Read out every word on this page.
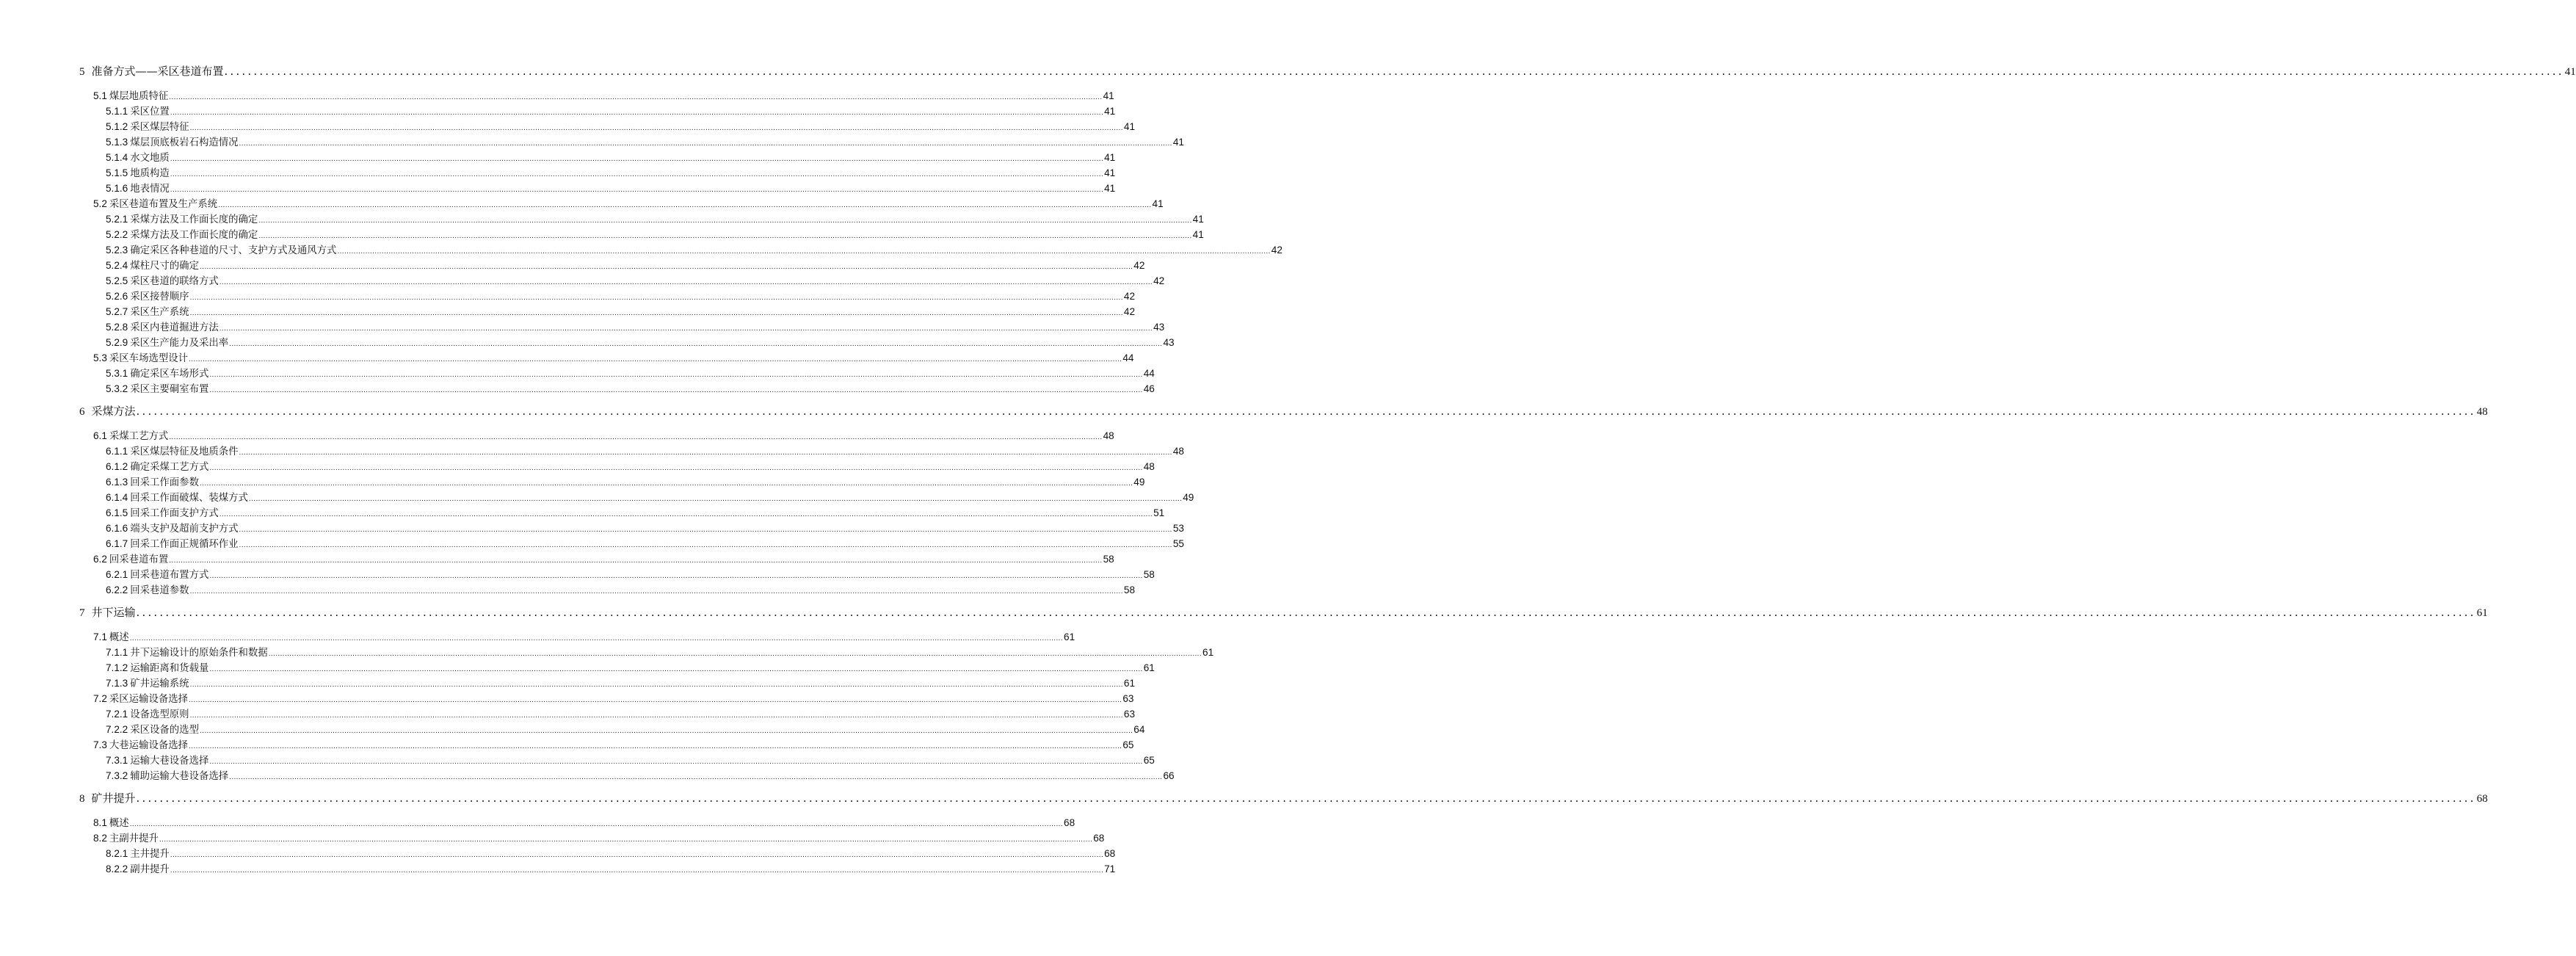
5 准备方式——采区巷道布置 ................................................................................................................................................................................................................................................................................................................................................................................................................ 41
5.1 煤层地质特征 ................................................................................................................................................................................................................................................................................................................................................................................................................ 41
5.1.1 采区位置 ................................................................................................................................................................................................................................................................................................................................................................................................................ 41
5.1.2 采区煤层特征 ................................................................................................................................................................................................................................................................................................................................................................................................................ 41
5.1.3 煤层顶底板岩石构造情况 ................................................................................................................................................................................................................................................................................................................................................................................................................ 41
5.1.4 水文地质 ................................................................................................................................................................................................................................................................................................................................................................................................................ 41
5.1.5 地质构造 ................................................................................................................................................................................................................................................................................................................................................................................................................ 41
5.1.6 地表情况 ................................................................................................................................................................................................................................................................................................................................................................................................................ 41
5.2 采区巷道布置及生产系统 ................................................................................................................................................................................................................................................................................................................................................................................................................ 41
5.2.1 采煤方法及工作面长度的确定 ................................................................................................................................................................................................................................................................................................................................................................................................................ 41
5.2.2 采煤方法及工作面长度的确定 ................................................................................................................................................................................................................................................................................................................................................................................................................ 41
5.2.3 确定采区各种巷道的尺寸、支护方式及通风方式 ................................................................................................................................................................................................................................................................................................................................................................................................................ 42
5.2.4 煤柱尺寸的确定 ................................................................................................................................................................................................................................................................................................................................................................................................................ 42
5.2.5 采区巷道的联络方式 ................................................................................................................................................................................................................................................................................................................................................................................................................ 42
5.2.6 采区接替顺序 ................................................................................................................................................................................................................................................................................................................................................................................................................ 42
5.2.7 采区生产系统 ................................................................................................................................................................................................................................................................................................................................................................................................................ 42
5.2.8 采区内巷道掘进方法 ................................................................................................................................................................................................................................................................................................................................................................................................................ 43
5.2.9 采区生产能力及采出率 ................................................................................................................................................................................................................................................................................................................................................................................................................ 43
5.3 采区车场选型设计 ................................................................................................................................................................................................................................................................................................................................................................................................................ 44
5.3.1 确定采区车场形式 ................................................................................................................................................................................................................................................................................................................................................................................................................ 44
5.3.2 采区主要硐室布置 ................................................................................................................................................................................................................................................................................................................................................................................................................ 46
6 采煤方法 ................................................................................................................................................................................................................................................................................................................................................................................................................ 48
6.1 采煤工艺方式 ................................................................................................................................................................................................................................................................................................................................................................................................................ 48
6.1.1 采区煤层特征及地质条件 ................................................................................................................................................................................................................................................................................................................................................................................................................ 48
6.1.2 确定采煤工艺方式 ................................................................................................................................................................................................................................................................................................................................................................................................................ 48
6.1.3 回采工作面参数 ................................................................................................................................................................................................................................................................................................................................................................................................................ 49
6.1.4 回采工作面破煤、装煤方式 ................................................................................................................................................................................................................................................................................................................................................................................................................ 49
6.1.5 回采工作面支护方式 ................................................................................................................................................................................................................................................................................................................................................................................................................ 51
6.1.6 端头支护及超前支护方式 ................................................................................................................................................................................................................................................................................................................................................................................................................ 53
6.1.7 回采工作面正规循环作业 ................................................................................................................................................................................................................................................................................................................................................................................................................ 55
6.2 回采巷道布置 ................................................................................................................................................................................................................................................................................................................................................................................................................ 58
6.2.1 回采巷道布置方式 ................................................................................................................................................................................................................................................................................................................................................................................................................ 58
6.2.2 回采巷道参数 ................................................................................................................................................................................................................................................................................................................................................................................................................ 58
7 井下运输 ................................................................................................................................................................................................................................................................................................................................................................................................................ 61
7.1 概述 ................................................................................................................................................................................................................................................................................................................................................................................................................ 61
7.1.1 井下运输设计的原始条件和数据 ................................................................................................................................................................................................................................................................................................................................................................................................................ 61
7.1.2 运输距离和货载量 ................................................................................................................................................................................................................................................................................................................................................................................................................ 61
7.1.3 矿井运输系统 ................................................................................................................................................................................................................................................................................................................................................................................................................ 61
7.2 采区运输设备选择 ................................................................................................................................................................................................................................................................................................................................................................................................................ 63
7.2.1 设备选型原则 ................................................................................................................................................................................................................................................................................................................................................................................................................ 63
7.2.2 采区设备的选型 ................................................................................................................................................................................................................................................................................................................................................................................................................ 64
7.3 大巷运输设备选择 ................................................................................................................................................................................................................................................................................................................................................................................................................ 65
7.3.1 运输大巷设备选择 ................................................................................................................................................................................................................................................................................................................................................................................................................ 65
7.3.2 辅助运输大巷设备选择 ................................................................................................................................................................................................................................................................................................................................................................................................................ 66
8 矿井提升 ................................................................................................................................................................................................................................................................................................................................................................................................................ 68
8.1 概述 ................................................................................................................................................................................................................................................................................................................................................................................................................ 68
8.2 主副井提升 ................................................................................................................................................................................................................................................................................................................................................................................................................ 68
8.2.1 主井提升 ................................................................................................................................................................................................................................................................................................................................................................................................................ 68
8.2.2 副井提升 ................................................................................................................................................................................................................................................................................................................................................................................................................ 71
